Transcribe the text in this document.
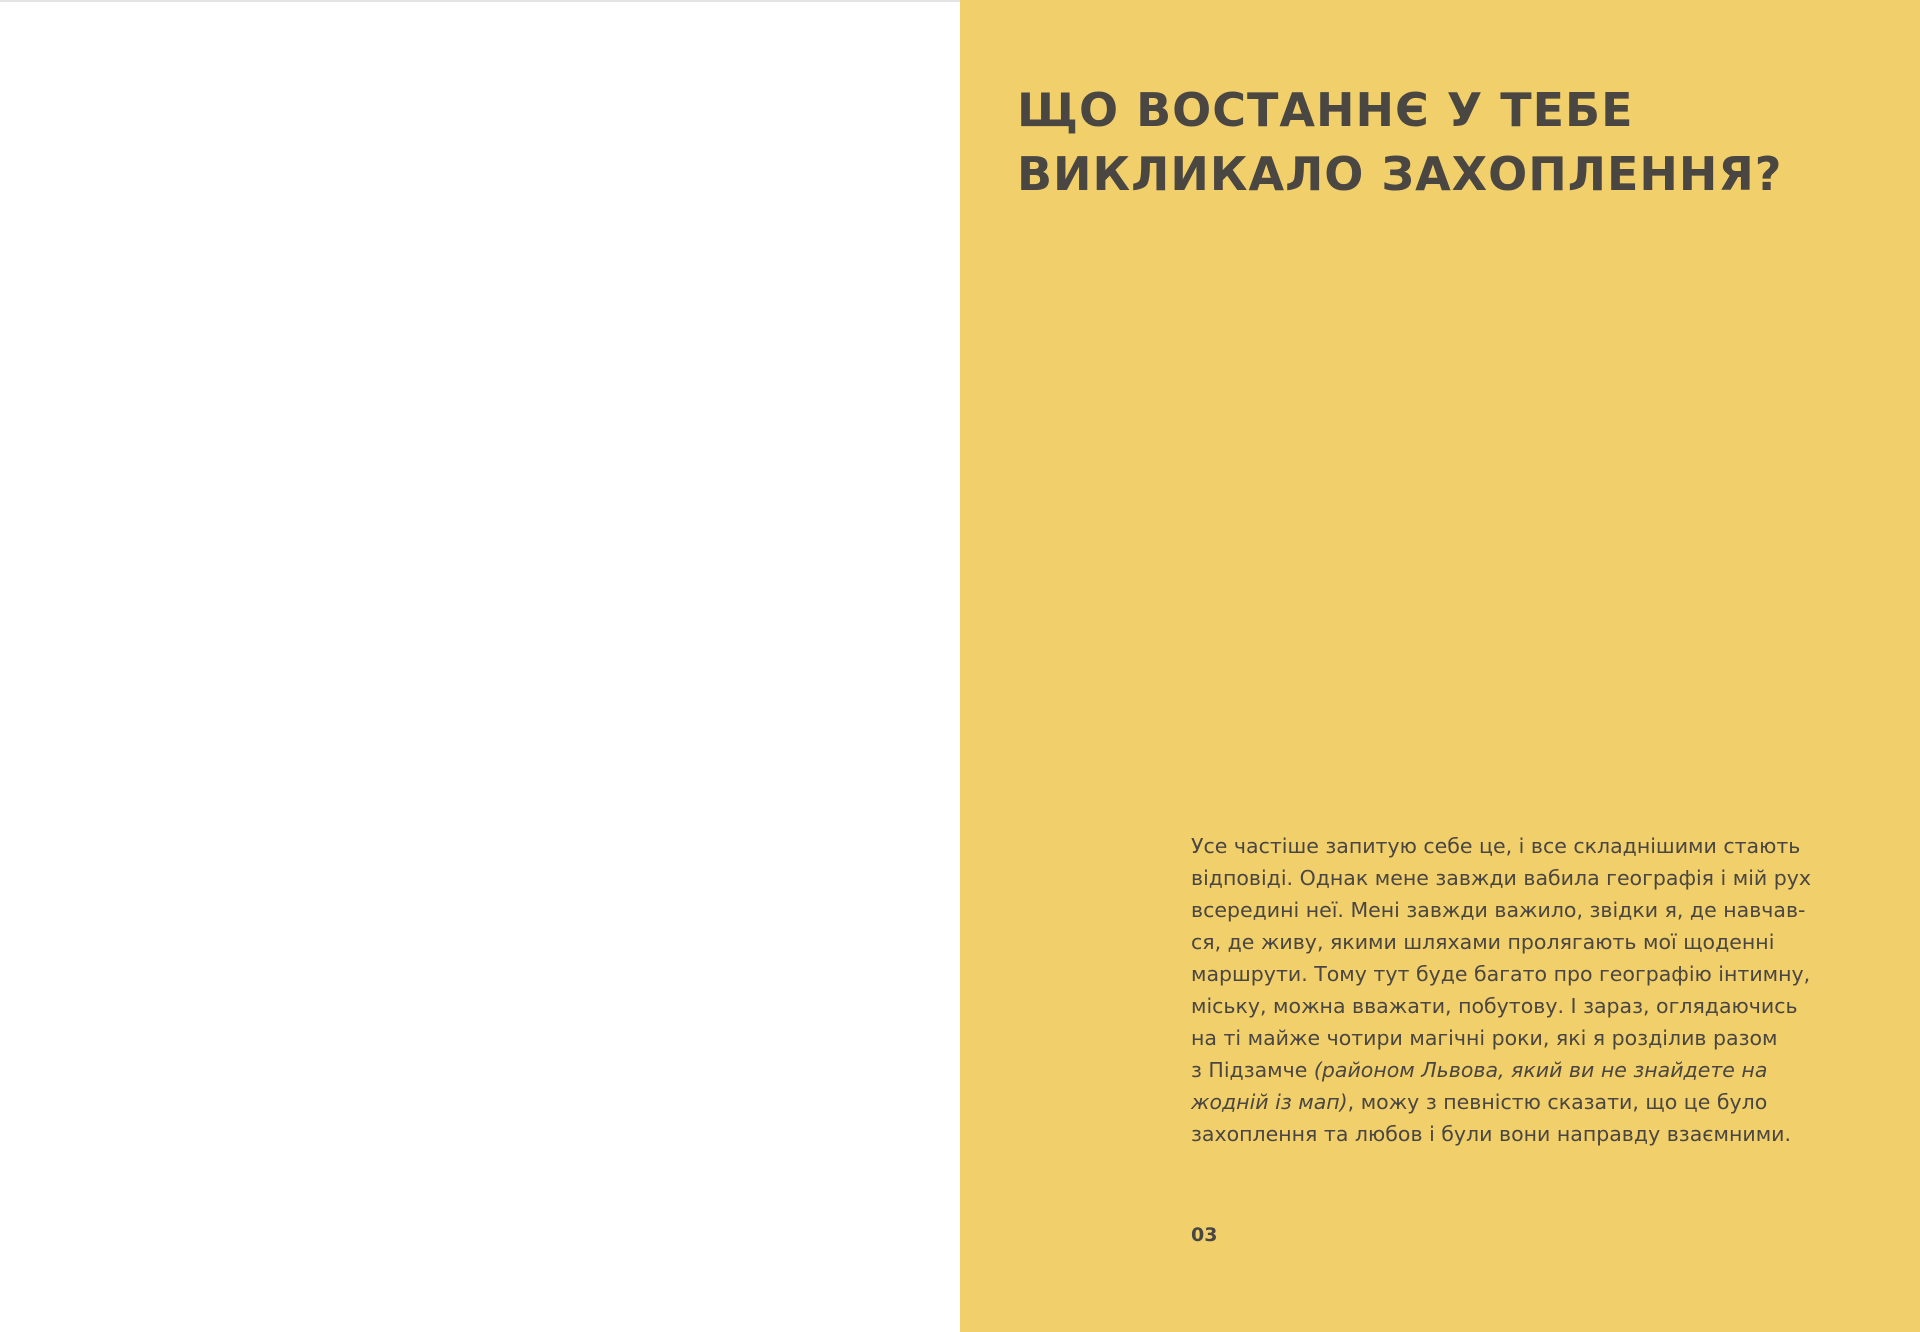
ЩО ВОСТАННЄ У ТЕБЕ
ВИКЛИКАЛО ЗАХОПЛЕННЯ?

Усе частіше запитую себе це, і все складнішими стають
відповіді. Однак мене завжди вабила географія і мій рух
всередині неї. Мені завжди важило, звідки я, де навчав-
ся, де живу, якими шляхами пролягають мої щоденні
маршрути. Тому тут буде багато про географію інтимну,
міську, можна вважати, побутову. І зараз, оглядаючись
на ті майже чотири магічні роки, які я розділив разом
з Підзамче (районом Львова, який ви не знайдете на
жодній із мап), можу з певністю сказати, що це було
захоплення та любов і були вони направду взаємними.

03
